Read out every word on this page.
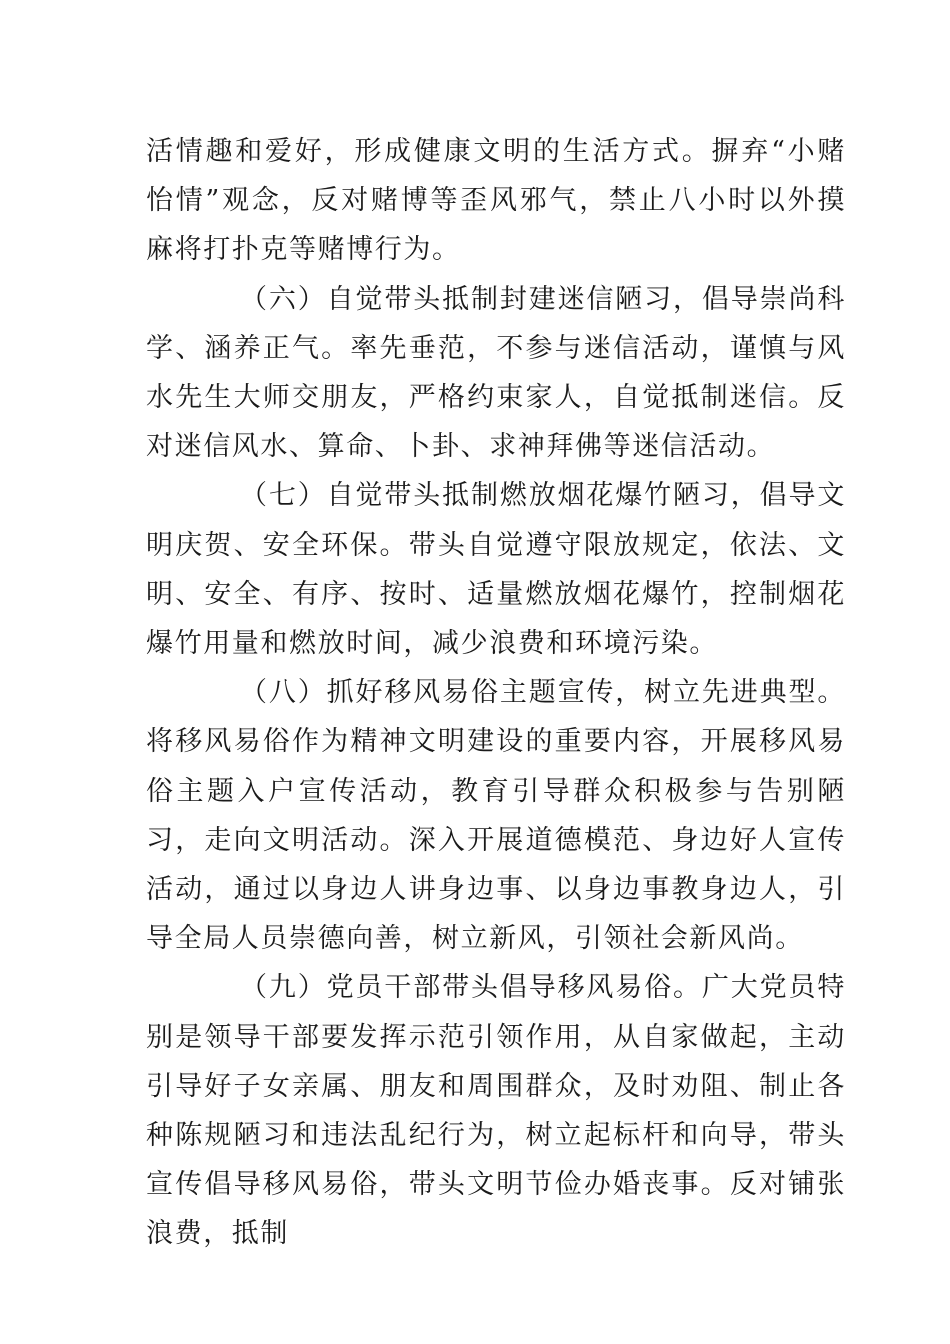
活情趣和爱好，形成健康文明的生活方式。摒弃“小赌怡情”观念，反对赌博等歪风邪气，禁止八小时以外摸麻将打扑克等赌博行为。

（六）自觉带头抵制封建迷信陋习，倡导崇尚科学、涵养正气。率先垂范，不参与迷信活动，谨慎与风水先生大师交朋友，严格约束家人，自觉抵制迷信。反对迷信风水、算命、卜卦、求神拜佛等迷信活动。

（七）自觉带头抵制燃放烟花爆竹陋习，倡导文明庆贺、安全环保。带头自觉遵守限放规定，依法、文明、安全、有序、按时、适量燃放烟花爆竹，控制烟花爆竹用量和燃放时间，减少浪费和环境污染。

（八）抓好移风易俗主题宣传，树立先进典型。将移风易俗作为精神文明建设的重要内容，开展移风易俗主题入户宣传活动，教育引导群众积极参与告别陋习，走向文明活动。深入开展道德模范、身边好人宣传活动，通过以身边人讲身边事、以身边事教身边人，引导全局人员崇德向善，树立新风，引领社会新风尚。

（九）党员干部带头倡导移风易俗。广大党员特别是领导干部要发挥示范引领作用，从自家做起，主动引导好子女亲属、朋友和周围群众，及时劝阻、制止各种陈规陋习和违法乱纪行为，树立起标杆和向导，带头宣传倡导移风易俗，带头文明节俭办婚丧事。反对铺张浪费，抵制
